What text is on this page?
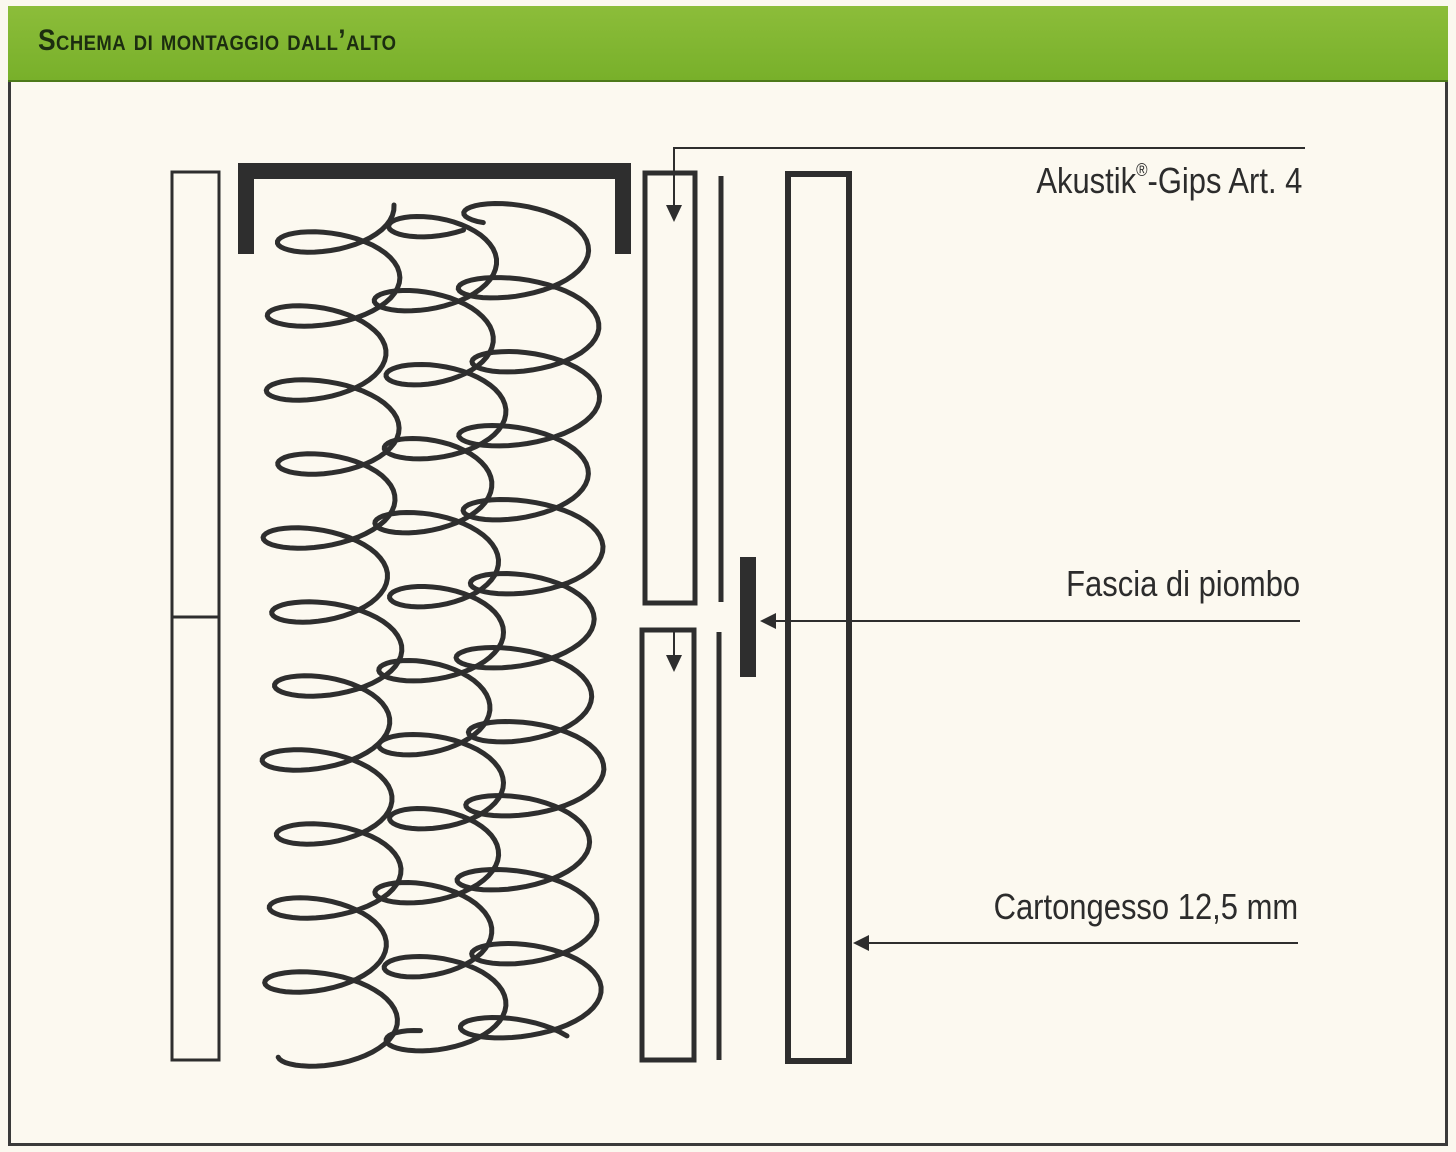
Schema di montaggio dall’alto
Akustik®-Gips Art. 4
Fascia di piombo
Cartongesso 12,5 mm
